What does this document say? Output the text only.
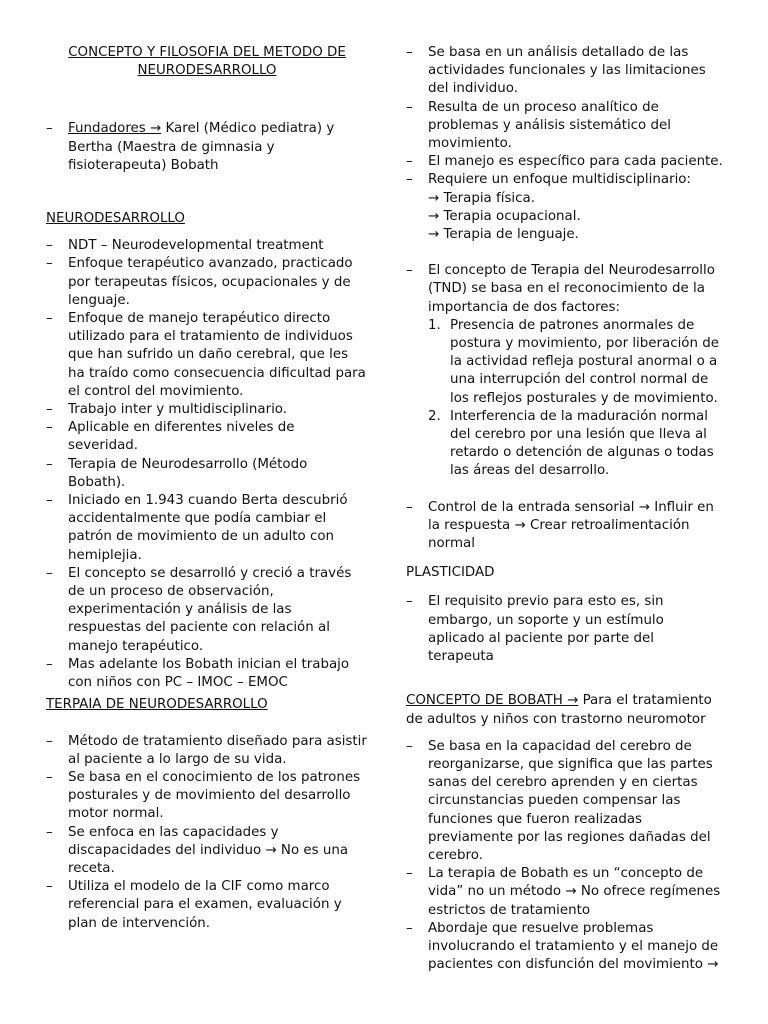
CONCEPTO Y FILOSOFIA DEL METODO DE
NEURODESARROLLO
– Fundadores → Karel (Médico pediatra) y Bertha (Maestra de gimnasia y fisioterapeuta) Bobath
NEURODESARROLLO
– NDT – Neurodevelopmental treatment
– Enfoque terapéutico avanzado, practicado por terapeutas físicos, ocupacionales y de lenguaje.
– Enfoque de manejo terapéutico directo utilizado para el tratamiento de individuos que han sufrido un daño cerebral, que les ha traído como consecuencia dificultad para el control del movimiento.
– Trabajo inter y multidisciplinario.
– Aplicable en diferentes niveles de severidad.
– Terapia de Neurodesarrollo (Método Bobath).
– Iniciado en 1.943 cuando Berta descubrió accidentalmente que podía cambiar el patrón de movimiento de un adulto con hemiplejia.
– El concepto se desarrolló y creció a través de un proceso de observación, experimentación y análisis de las respuestas del paciente con relación al manejo terapéutico.
– Mas adelante los Bobath inician el trabajo con niños con PC – IMOC – EMOC
TERPAIA DE NEURODESARROLLO
– Método de tratamiento diseñado para asistir al paciente a lo largo de su vida.
– Se basa en el conocimiento de los patrones posturales y de movimiento del desarrollo motor normal.
– Se enfoca en las capacidades y discapacidades del individuo → No es una receta.
– Utiliza el modelo de la CIF como marco referencial para el examen, evaluación y plan de intervención.
– Se basa en un análisis detallado de las actividades funcionales y las limitaciones del individuo.
– Resulta de un proceso analítico de problemas y análisis sistemático del movimiento.
– El manejo es específico para cada paciente.
– Requiere un enfoque multidisciplinario:
→ Terapia física.
→ Terapia ocupacional.
→ Terapia de lenguaje.
– El concepto de Terapia del Neurodesarrollo (TND) se basa en el reconocimiento de la importancia de dos factores:
1. Presencia de patrones anormales de postura y movimiento, por liberación de la actividad refleja postural anormal o a una interrupción del control normal de los reflejos posturales y de movimiento.
2. Interferencia de la maduración normal del cerebro por una lesión que lleva al retardo o detención de algunas o todas las áreas del desarrollo.
– Control de la entrada sensorial → Influir en la respuesta → Crear retroalimentación normal
PLASTICIDAD
– El requisito previo para esto es, sin embargo, un soporte y un estímulo aplicado al paciente por parte del terapeuta

CONCEPTO DE BOBATH → Para el tratamiento de adultos y niños con trastorno neuromotor

– Se basa en la capacidad del cerebro de reorganizarse, que significa que las partes sanas del cerebro aprenden y en ciertas circunstancias pueden compensar las funciones que fueron realizadas previamente por las regiones dañadas del cerebro.
– La terapia de Bobath es un “concepto de vida” no un método → No ofrece regímenes estrictos de tratamiento
– Abordaje que resuelve problemas involucrando el tratamiento y el manejo de pacientes con disfunción del movimiento →
